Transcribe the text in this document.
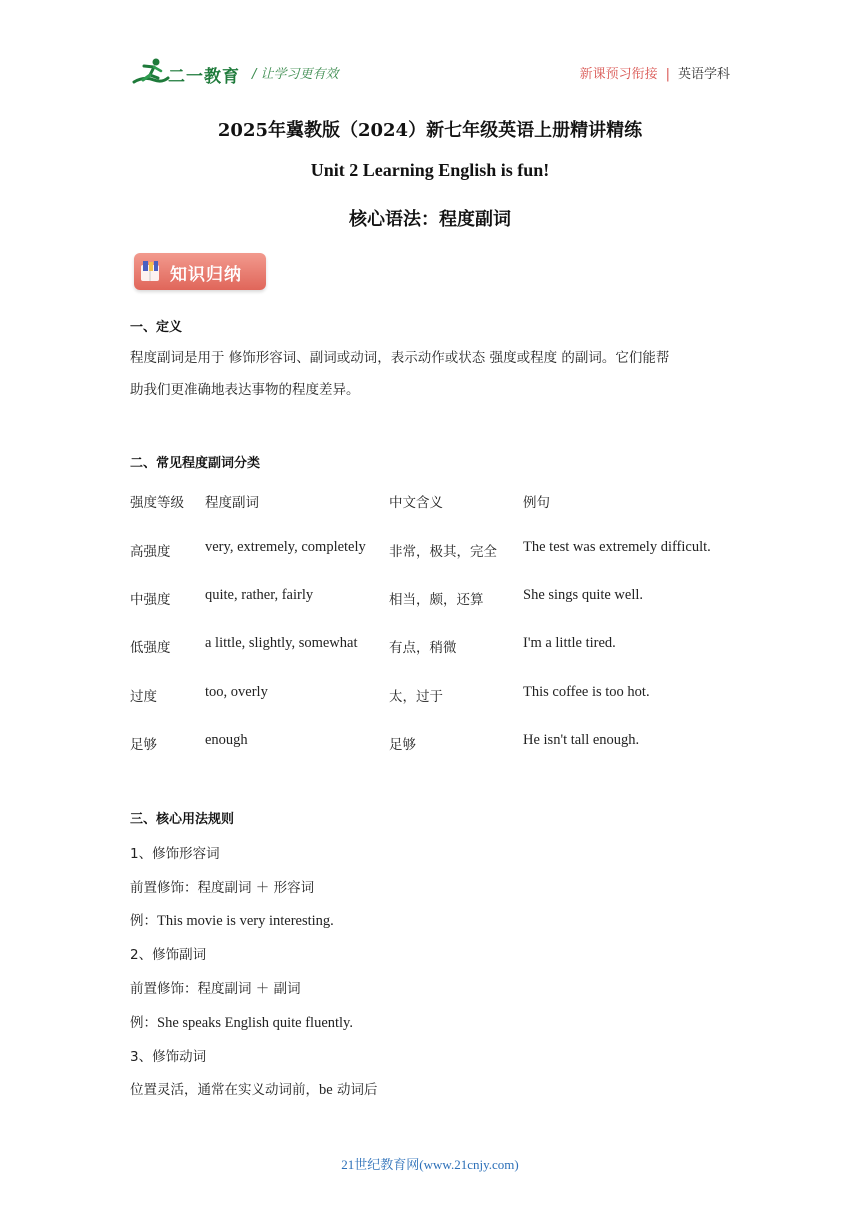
二一教育 / 让学习更有效	新课预习衔接 | 英语学科
2025年冀教版（2024）新七年级英语上册精讲精练
Unit 2 Learning English is fun!
核心语法：程度副词
知识归纳
一、定义
程度副词是用于 修饰形容词、副词或动词，表示动作或状态 强度或程度 的副词。它们能帮
助我们更准确地表达事物的程度差异。
二、常见程度副词分类
强度等级 程度副词	中文含义	例句
高强度 very, extremely, completely 非常，极其，完全 The test was extremely difficult.
中强度 quite, rather, fairly	相当，颇，还算	She sings quite well.
低强度 a little, slightly, somewhat 有点，稍微	I'm a little tired.
过度	too, overly	太，过于	This coffee is too hot.
足够	enough	足够	He isn't tall enough.
三、核心用法规则
1、修饰形容词
前置修饰：程度副词 ＋ 形容词
例：This movie is very interesting.
2、修饰副词
前置修饰：程度副词 ＋ 副词
例：She speaks English quite fluently.
3、修饰动词
位置灵活，通常在实义动词前，be 动词后
21世纪教育网(www.21cnjy.com)
